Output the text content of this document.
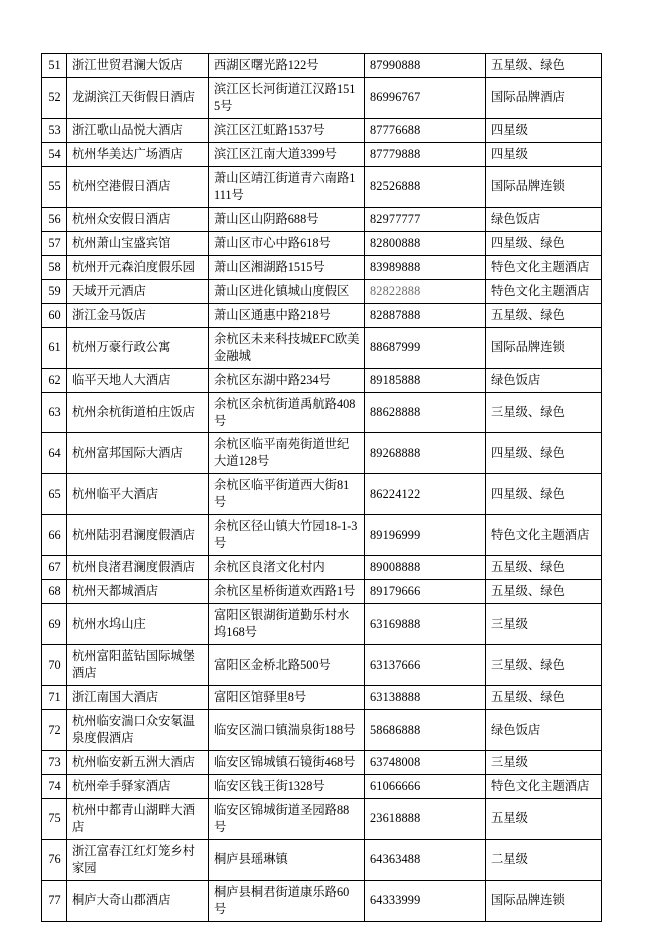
51	浙江世贸君澜大饭店	西湖区曙光路122号	87990888	五星级、绿色
52	龙湖滨江天街假日酒店	滨江区长河街道江汉路1515号	86996767	国际品牌酒店
53	浙江歌山品悦大酒店	滨江区江虹路1537号	87776688	四星级
54	杭州华美达广场酒店	滨江区江南大道3399号	87779888	四星级
55	杭州空港假日酒店	萧山区靖江街道青六南路1111号	82526888	国际品牌连锁
56	杭州众安假日酒店	萧山区山阴路688号	82977777	绿色饭店
57	杭州萧山宝盛宾馆	萧山区市心中路618号	82800888	四星级、绿色
58	杭州开元森泊度假乐园	萧山区湘湖路1515号	83989888	特色文化主题酒店
59	天域开元酒店	萧山区进化镇城山度假区	82822888	特色文化主题酒店
60	浙江金马饭店	萧山区通惠中路218号	82887888	五星级、绿色
61	杭州万豪行政公寓	余杭区未来科技城EFC欧美金融城	88687999	国际品牌连锁
62	临平天地人大酒店	余杭区东湖中路234号	89185888	绿色饭店
63	杭州余杭街道柏庄饭店	余杭区余杭街道禹航路408号	88628888	三星级、绿色
64	杭州富邦国际大酒店	余杭区临平南苑街道世纪大道128号	89268888	四星级、绿色
65	杭州临平大酒店	余杭区临平街道西大街81号	86224122	四星级、绿色
66	杭州陆羽君澜度假酒店	余杭区径山镇大竹园18-1-3号	89196999	特色文化主题酒店
67	杭州良渚君澜度假酒店	余杭区良渚文化村内	89008888	五星级、绿色
68	杭州天都城酒店	余杭区星桥街道欢西路1号	89179666	五星级、绿色
69	杭州水坞山庄	富阳区银湖街道勤乐村水坞168号	63169888	三星级
70	杭州富阳蓝钻国际城堡酒店	富阳区金桥北路500号	63137666	三星级、绿色
71	浙江南国大酒店	富阳区馆驿里8号	63138888	五星级、绿色
72	杭州临安湍口众安氡温泉度假酒店	临安区湍口镇湍泉街188号	58686888	绿色饭店
73	杭州临安新五洲大酒店	临安区锦城镇石镜街468号	63748008	三星级
74	杭州牵手驿家酒店	临安区钱王街1328号	61066666	特色文化主题酒店
75	杭州中都青山湖畔大酒店	临安区锦城街道圣园路88号	23618888	五星级
76	浙江富春江红灯笼乡村家园	桐庐县瑶琳镇	64363488	二星级
77	桐庐大奇山郡酒店	桐庐县桐君街道康乐路60号	64333999	国际品牌连锁
